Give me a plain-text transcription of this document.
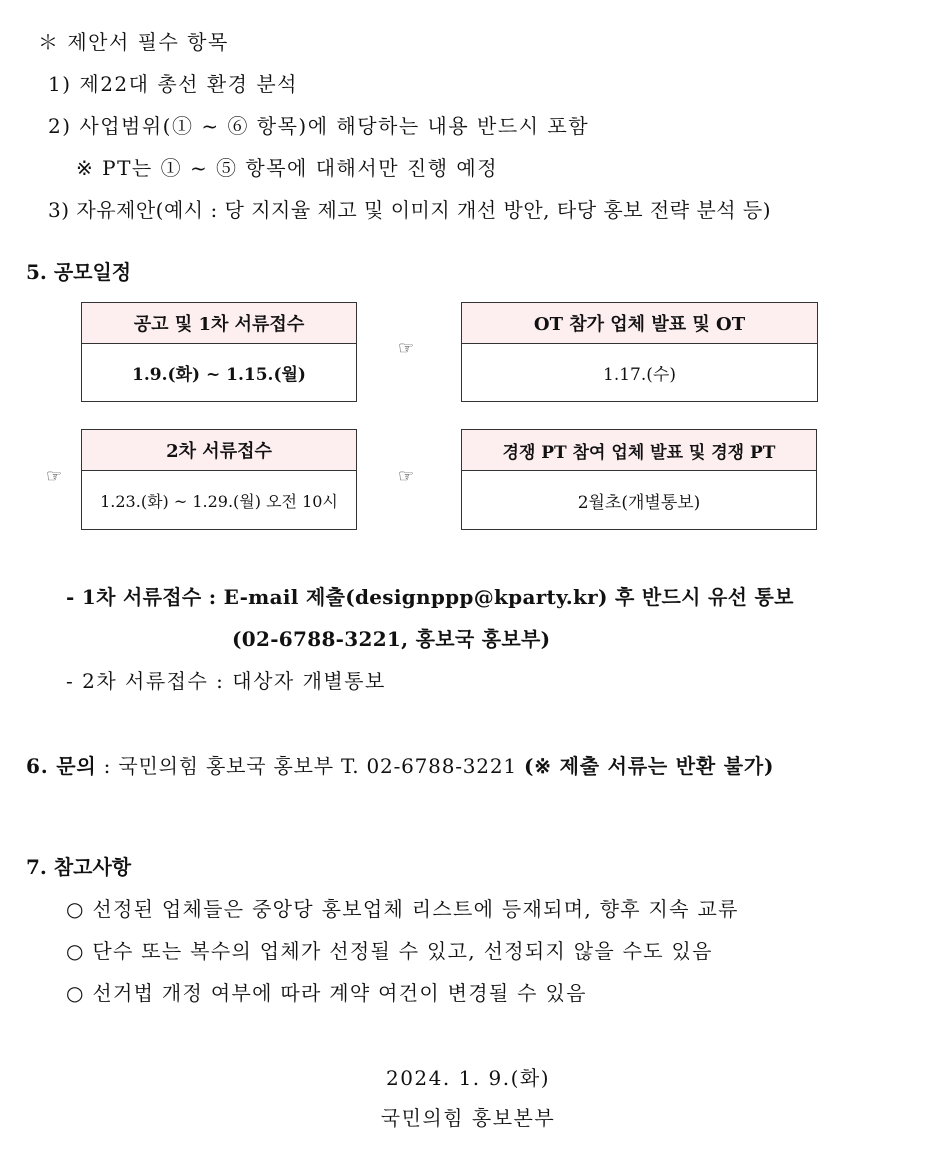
＊ 제안서 필수 항목
1) 제22대 총선 환경 분석
2) 사업범위(① ~ ⑥ 항목)에 해당하는 내용 반드시 포함
※ PT는 ① ~ ⑤ 항목에 대해서만 진행 예정
3) 자유제안(예시 : 당 지지율 제고 및 이미지 개선 방안, 타당 홍보 전략 분석 등)
5. 공모일정
공고 및 1차 서류접수
1.9.(화) ~ 1.15.(월)
☞
OT 참가 업체 발표 및 OT
1.17.(수)
☞
2차 서류접수
1.23.(화) ~ 1.29.(월) 오전 10시
☞
경쟁 PT 참여 업체 발표 및 경쟁 PT
2월초(개별통보)
- 1차 서류접수 : E-mail 제출(designppp@kparty.kr) 후 반드시 유선 통보
(02-6788-3221, 홍보국 홍보부)
- 2차 서류접수 : 대상자 개별통보
6. 문의 : 국민의힘 홍보국 홍보부 T. 02-6788-3221 (※ 제출 서류는 반환 불가)
7. 참고사항
○ 선정된 업체들은 중앙당 홍보업체 리스트에 등재되며, 향후 지속 교류
○ 단수 또는 복수의 업체가 선정될 수 있고, 선정되지 않을 수도 있음
○ 선거법 개정 여부에 따라 계약 여건이 변경될 수 있음
2024. 1. 9.(화)
국민의힘 홍보본부
